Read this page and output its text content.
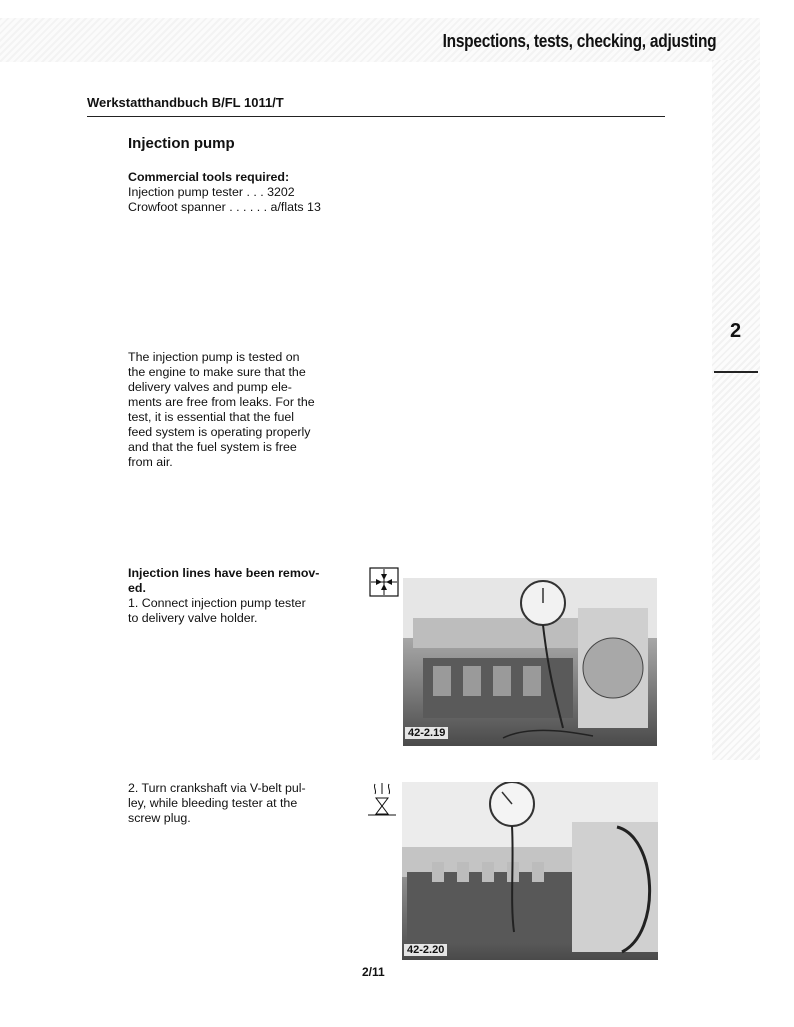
Inspections, tests, checking, adjusting
Werkstatthandbuch B/FL 1011/T
2
Injection pump
Commercial tools required:
Injection pump tester . . . 3202
Crowfoot spanner . . . . . . a/flats 13
The injection pump is tested on
the engine to make sure that the
delivery valves and pump ele-
ments are free from leaks. For the
test, it is essential that the fuel
feed system is operating properly
and that the fuel system is free
from air.
Injection lines have been remov-
ed.
1. Connect injection pump tester
to delivery valve holder.
42-2.19
2. Turn crankshaft via V-belt pul-
ley, while bleeding tester at the
screw plug.
42-2.20
2/11
